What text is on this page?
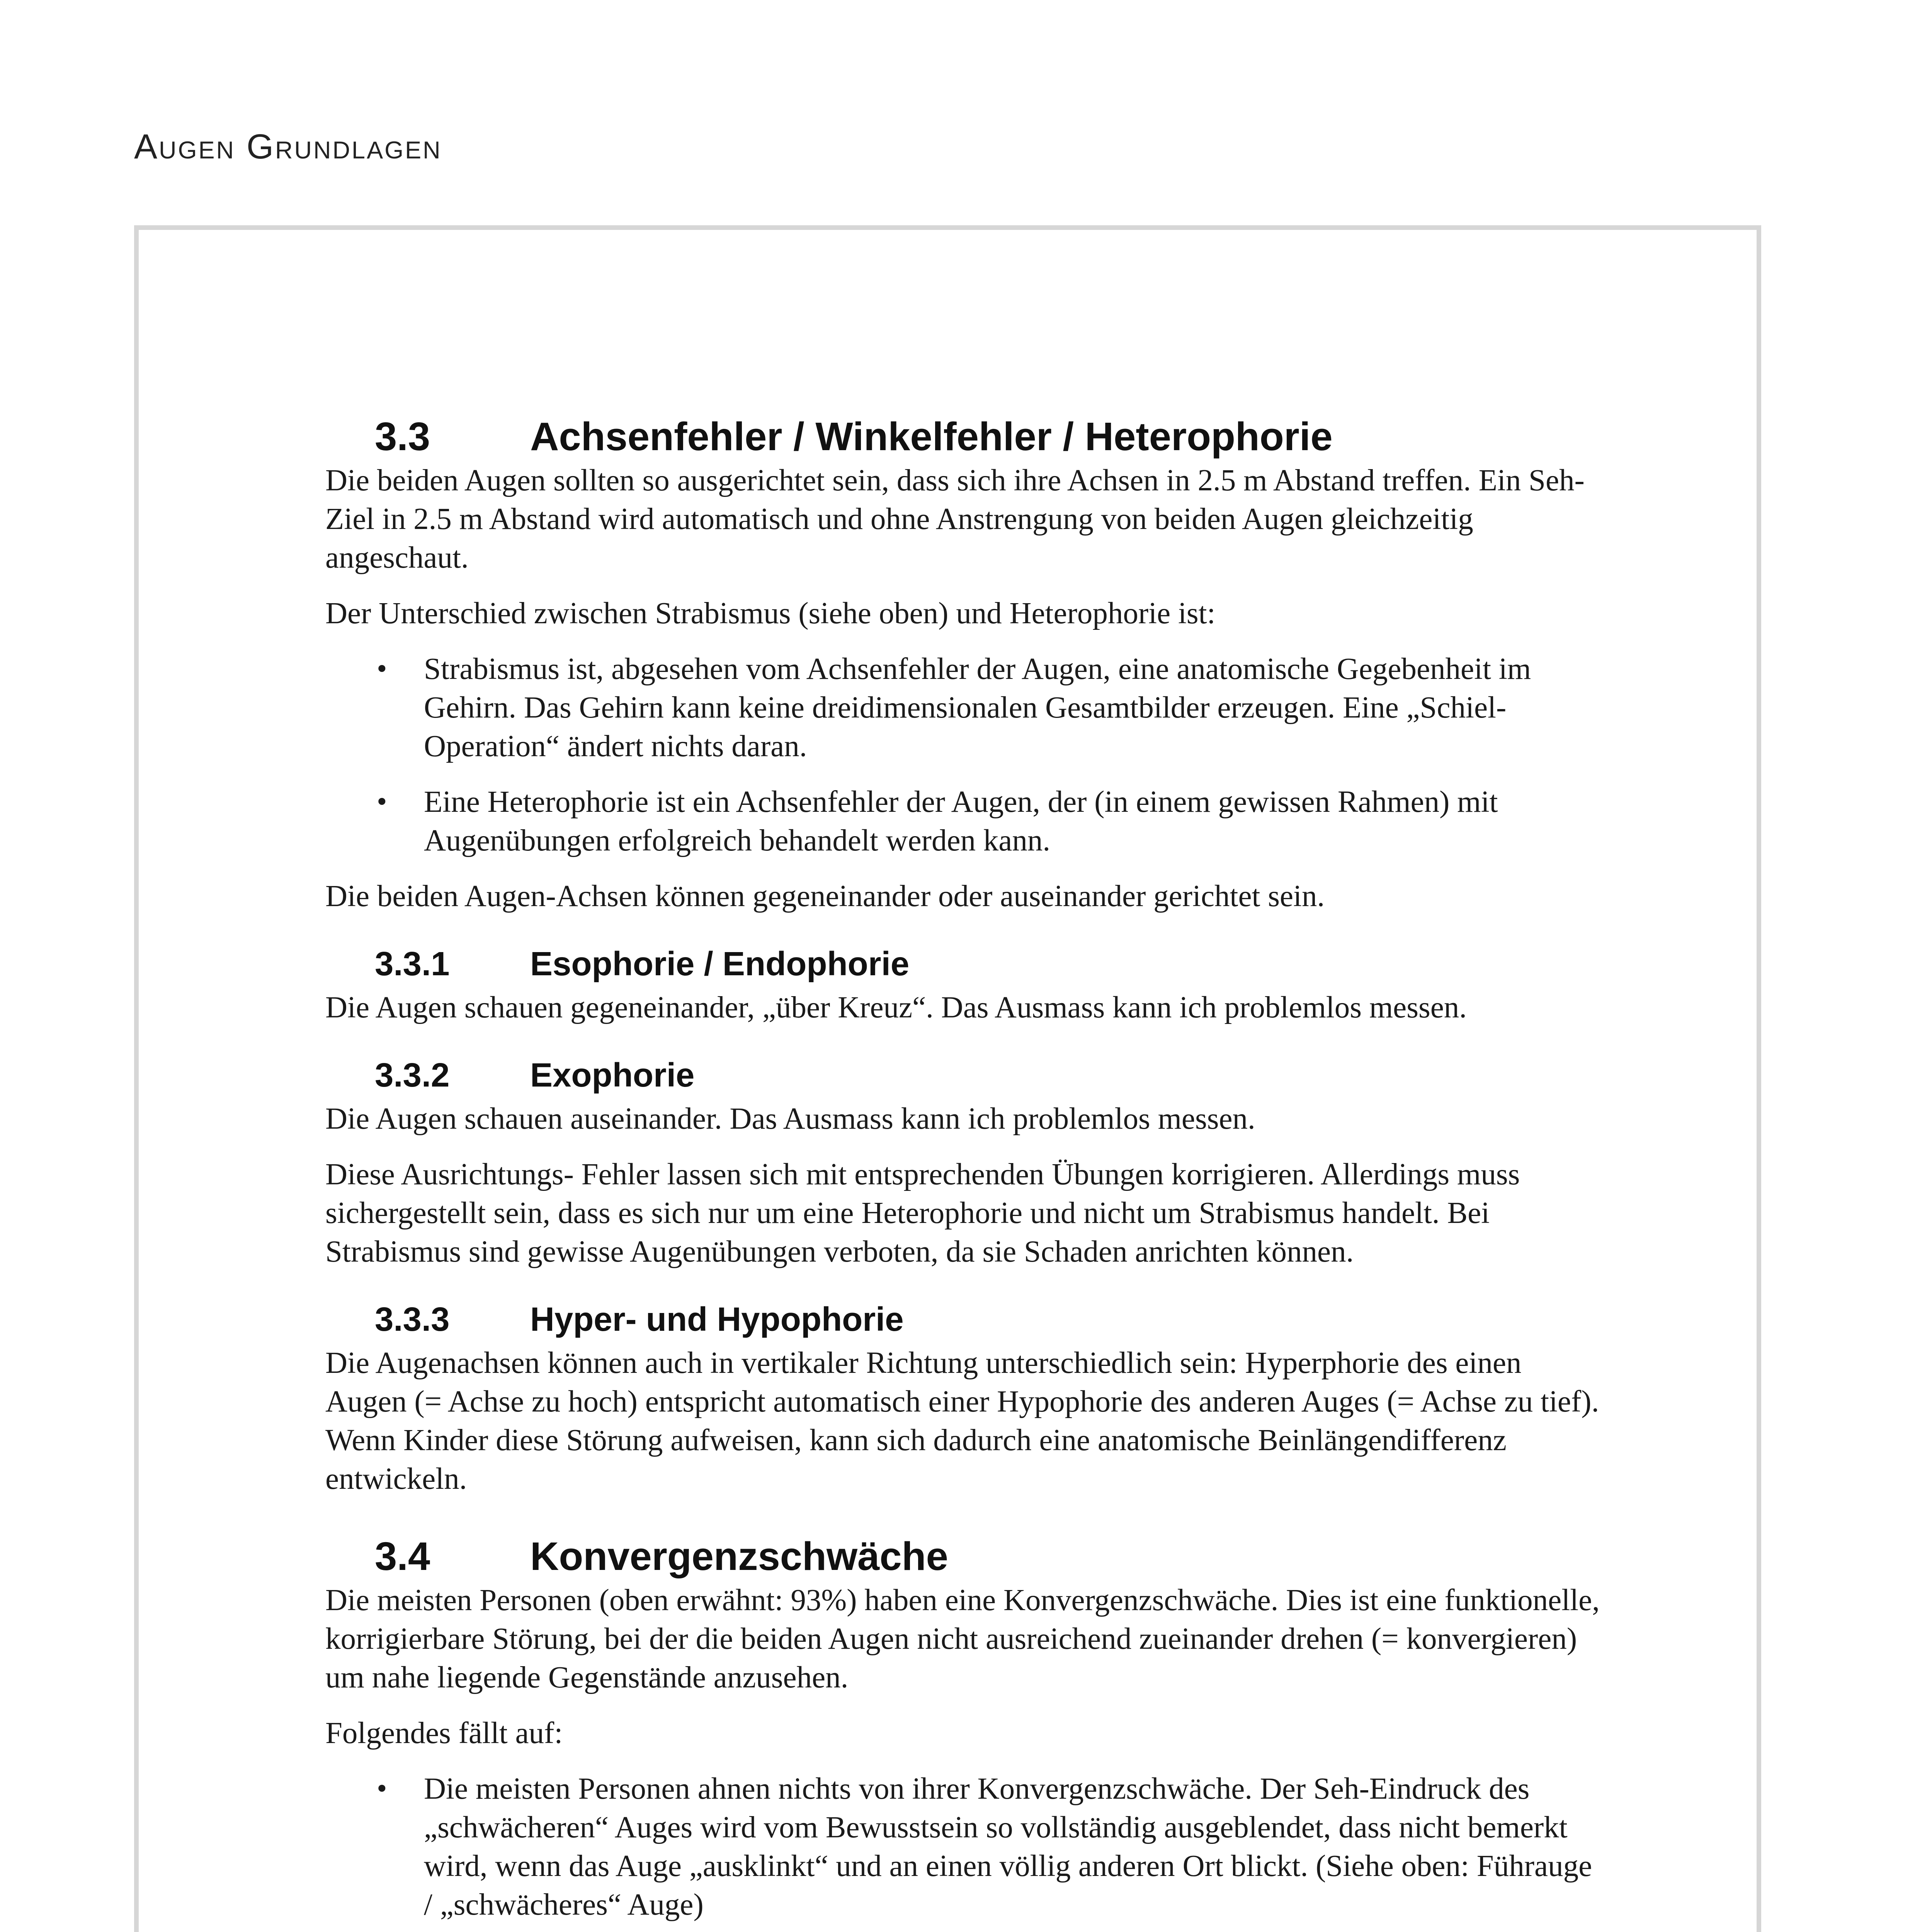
Augen Grundlagen
3.3	Achsenfehler / Winkelfehler / Heterophorie

Die beiden Augen sollten so ausgerichtet sein, dass sich ihre Achsen in 2.5 m Abstand treffen. Ein Seh-Ziel in 2.5 m Abstand wird automatisch und ohne Anstrengung von beiden Augen gleichzeitig angeschaut.

Der Unterschied zwischen Strabismus (siehe oben) und Heterophorie ist:

• Strabismus ist, abgesehen vom Achsenfehler der Augen, eine anatomische Gegebenheit im Gehirn. Das Gehirn kann keine dreidimensionalen Gesamtbilder erzeugen. Eine „Schiel-Operation“ ändert nichts daran.
• Eine Heterophorie ist ein Achsenfehler der Augen, der (in einem gewissen Rahmen) mit Augenübungen erfolgreich behandelt werden kann.

Die beiden Augen-Achsen können gegeneinander oder auseinander gerichtet sein.

3.3.1	Esophorie / Endophorie

Die Augen schauen gegeneinander, „über Kreuz“. Das Ausmass kann ich problemlos messen.

3.3.2	Exophorie

Die Augen schauen auseinander. Das Ausmass kann ich problemlos messen.

Diese Ausrichtungs- Fehler lassen sich mit entsprechenden Übungen korrigieren. Allerdings muss sichergestellt sein, dass es sich nur um eine Heterophorie und nicht um Strabismus handelt. Bei Strabismus sind gewisse Augenübungen verboten, da sie Schaden anrichten können.

3.3.3	Hyper- und Hypophorie

Die Augenachsen können auch in vertikaler Richtung unterschiedlich sein: Hyperphorie des einen Augen (= Achse zu hoch) entspricht automatisch einer Hypophorie des anderen Auges (= Achse zu tief). Wenn Kinder diese Störung aufweisen, kann sich dadurch eine anatomische Beinlängendifferenz entwickeln.

3.4	Konvergenzschwäche

Die meisten Personen (oben erwähnt: 93%) haben eine Konvergenzschwäche. Dies ist eine funktionelle, korrigierbare Störung, bei der die beiden Augen nicht ausreichend zueinander drehen (= konvergieren) um nahe liegende Gegenstände anzusehen.

Folgendes fällt auf:

• Die meisten Personen ahnen nichts von ihrer Konvergenzschwäche. Der Seh-Eindruck des „schwächeren“ Auges wird vom Bewusstsein so vollständig ausgeblendet, dass nicht bemerkt wird, wenn das Auge „ausklinkt“ und an einen völlig anderen Ort blickt. (Siehe oben: Führauge / „schwächeres“ Auge)
